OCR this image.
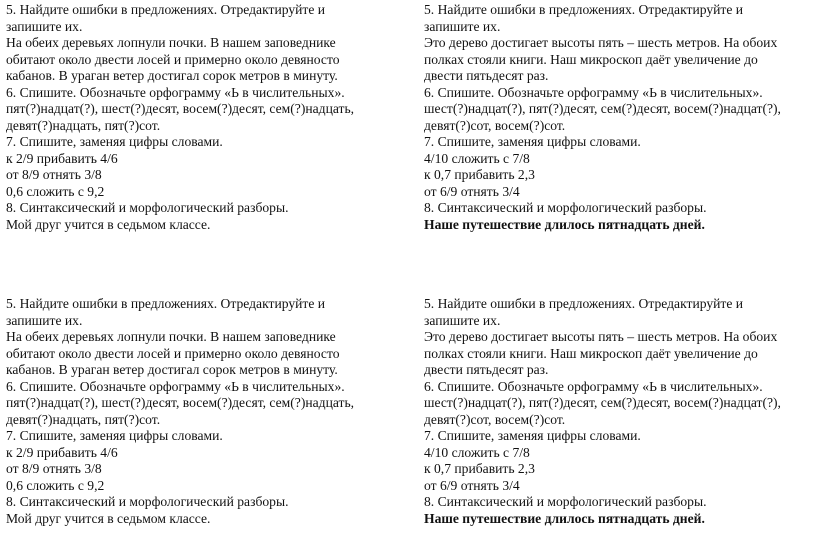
5. Найдите ошибки в предложениях. Отредактируйте и
запишите их.
На обеих деревьях лопнули почки. В нашем заповеднике
обитают около двести лосей и примерно около девяносто
кабанов. В ураган ветер достигал сорок метров в минуту.
6. Спишите. Обозначьте орфограмму «Ь в числительных».
пят(?)надцат(?), шест(?)десят, восем(?)десят, сем(?)надцать,
девят(?)надцать, пят(?)сот.
7. Спишите, заменяя цифры словами.
к 2/9 прибавить 4/6
от 8/9 отнять 3/8
0,6 сложить с 9,2
8. Синтаксический и морфологический разборы.
Мой друг учится в седьмом классе.
5. Найдите ошибки в предложениях. Отредактируйте и
запишите их.
Это дерево достигает высоты пять – шесть метров. На обоих
полках стояли книги. Наш микроскоп даёт увеличение до
двести пятьдесят раз.
6. Спишите. Обозначьте орфограмму «Ь в числительных».
шест(?)надцат(?), пят(?)десят, сем(?)десят, восем(?)надцат(?),
девят(?)сот, восем(?)сот.
7. Спишите, заменяя цифры словами.
4/10 сложить с 7/8
к 0,7 прибавить 2,3
от 6/9 отнять 3/4
8. Синтаксический и морфологический разборы.
Наше путешествие длилось пятнадцать дней.
5. Найдите ошибки в предложениях. Отредактируйте и
запишите их.
На обеих деревьях лопнули почки. В нашем заповеднике
обитают около двести лосей и примерно около девяносто
кабанов. В ураган ветер достигал сорок метров в минуту.
6. Спишите. Обозначьте орфограмму «Ь в числительных».
пят(?)надцат(?), шест(?)десят, восем(?)десят, сем(?)надцать,
девят(?)надцать, пят(?)сот.
7. Спишите, заменяя цифры словами.
к 2/9 прибавить 4/6
от 8/9 отнять 3/8
0,6 сложить с 9,2
8. Синтаксический и морфологический разборы.
Мой друг учится в седьмом классе.
5. Найдите ошибки в предложениях. Отредактируйте и
запишите их.
Это дерево достигает высоты пять – шесть метров. На обоих
полках стояли книги. Наш микроскоп даёт увеличение до
двести пятьдесят раз.
6. Спишите. Обозначьте орфограмму «Ь в числительных».
шест(?)надцат(?), пят(?)десят, сем(?)десят, восем(?)надцат(?),
девят(?)сот, восем(?)сот.
7. Спишите, заменяя цифры словами.
4/10 сложить с 7/8
к 0,7 прибавить 2,3
от 6/9 отнять 3/4
8. Синтаксический и морфологический разборы.
Наше путешествие длилось пятнадцать дней.
